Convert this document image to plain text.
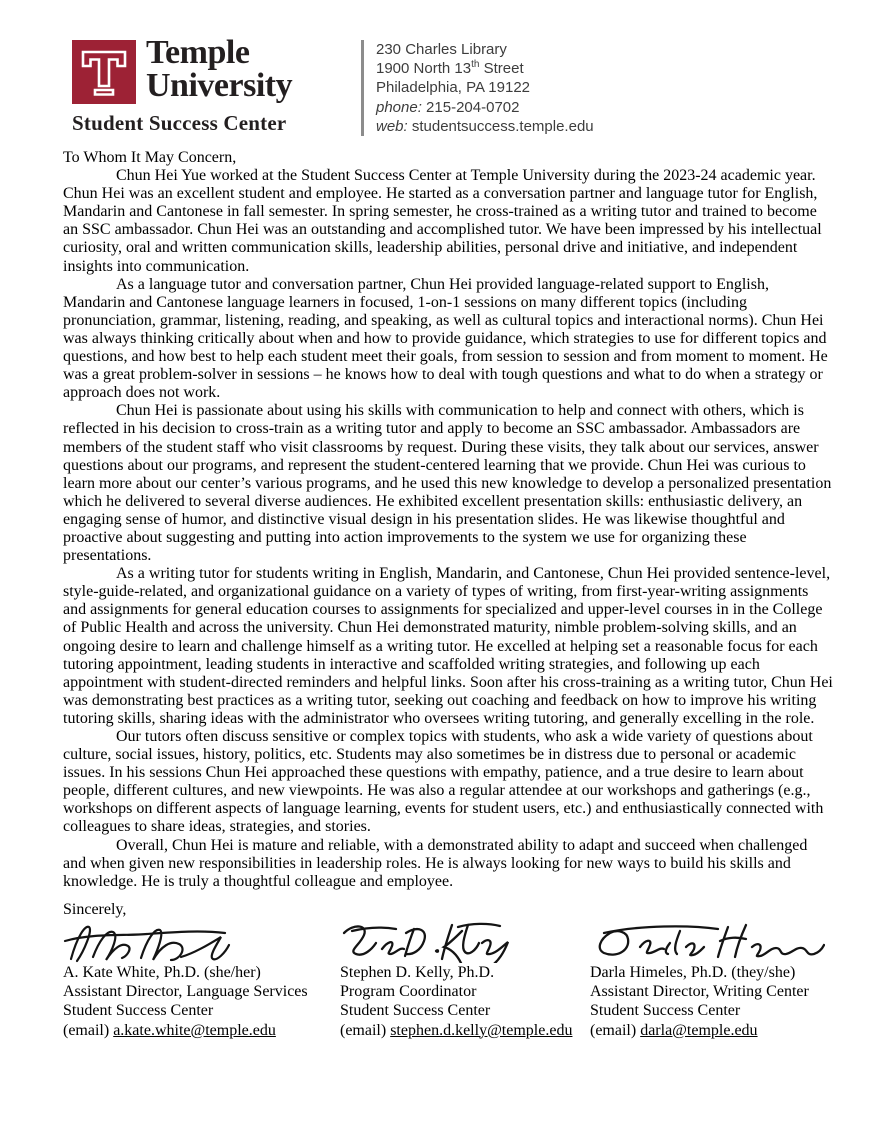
Temple
University
Student Success Center
230 Charles Library
1900 North 13th Street
Philadelphia, PA 19122
phone: 215-204-0702
web: studentsuccess.temple.edu

To Whom It May Concern,

Chun Hei Yue worked at the Student Success Center at Temple University during the 2023-24 academic year. Chun Hei was an excellent student and employee. He started as a conversation partner and language tutor for English, Mandarin and Cantonese in fall semester. In spring semester, he cross-trained as a writing tutor and trained to become an SSC ambassador. Chun Hei was an outstanding and accomplished tutor. We have been impressed by his intellectual curiosity, oral and written communication skills, leadership abilities, personal drive and initiative, and independent insights into communication.

As a language tutor and conversation partner, Chun Hei provided language-related support to English, Mandarin and Cantonese language learners in focused, 1-on-1 sessions on many different topics (including pronunciation, grammar, listening, reading, and speaking, as well as cultural topics and interactional norms). Chun Hei was always thinking critically about when and how to provide guidance, which strategies to use for different topics and questions, and how best to help each student meet their goals, from session to session and from moment to moment. He was a great problem-solver in sessions – he knows how to deal with tough questions and what to do when a strategy or approach does not work.

Chun Hei is passionate about using his skills with communication to help and connect with others, which is reflected in his decision to cross-train as a writing tutor and apply to become an SSC ambassador. Ambassadors are members of the student staff who visit classrooms by request. During these visits, they talk about our services, answer questions about our programs, and represent the student-centered learning that we provide. Chun Hei was curious to learn more about our center’s various programs, and he used this new knowledge to develop a personalized presentation which he delivered to several diverse audiences. He exhibited excellent presentation skills: enthusiastic delivery, an engaging sense of humor, and distinctive visual design in his presentation slides. He was likewise thoughtful and proactive about suggesting and putting into action improvements to the system we use for organizing these presentations.

As a writing tutor for students writing in English, Mandarin, and Cantonese, Chun Hei provided sentence-level, style-guide-related, and organizational guidance on a variety of types of writing, from first-year-writing assignments and assignments for general education courses to assignments for specialized and upper-level courses in in the College of Public Health and across the university. Chun Hei demonstrated maturity, nimble problem-solving skills, and an ongoing desire to learn and challenge himself as a writing tutor. He excelled at helping set a reasonable focus for each tutoring appointment, leading students in interactive and scaffolded writing strategies, and following up each appointment with student-directed reminders and helpful links. Soon after his cross-training as a writing tutor, Chun Hei was demonstrating best practices as a writing tutor, seeking out coaching and feedback on how to improve his writing tutoring skills, sharing ideas with the administrator who oversees writing tutoring, and generally excelling in the role.

Our tutors often discuss sensitive or complex topics with students, who ask a wide variety of questions about culture, social issues, history, politics, etc. Students may also sometimes be in distress due to personal or academic issues. In his sessions Chun Hei approached these questions with empathy, patience, and a true desire to learn about people, different cultures, and new viewpoints. He was also a regular attendee at our workshops and gatherings (e.g., workshops on different aspects of language learning, events for student users, etc.) and enthusiastically connected with colleagues to share ideas, strategies, and stories.

Overall, Chun Hei is mature and reliable, with a demonstrated ability to adapt and succeed when challenged and when given new responsibilities in leadership roles. He is always looking for new ways to build his skills and knowledge. He is truly a thoughtful colleague and employee.

Sincerely,

A. Kate White, Ph.D. (she/her)
Assistant Director, Language Services
Student Success Center
(email) a.kate.white@temple.edu
Stephen D. Kelly, Ph.D.
Program Coordinator
Student Success Center
(email) stephen.d.kelly@temple.edu
Darla Himeles, Ph.D. (they/she)
Assistant Director, Writing Center
Student Success Center
(email) darla@temple.edu
